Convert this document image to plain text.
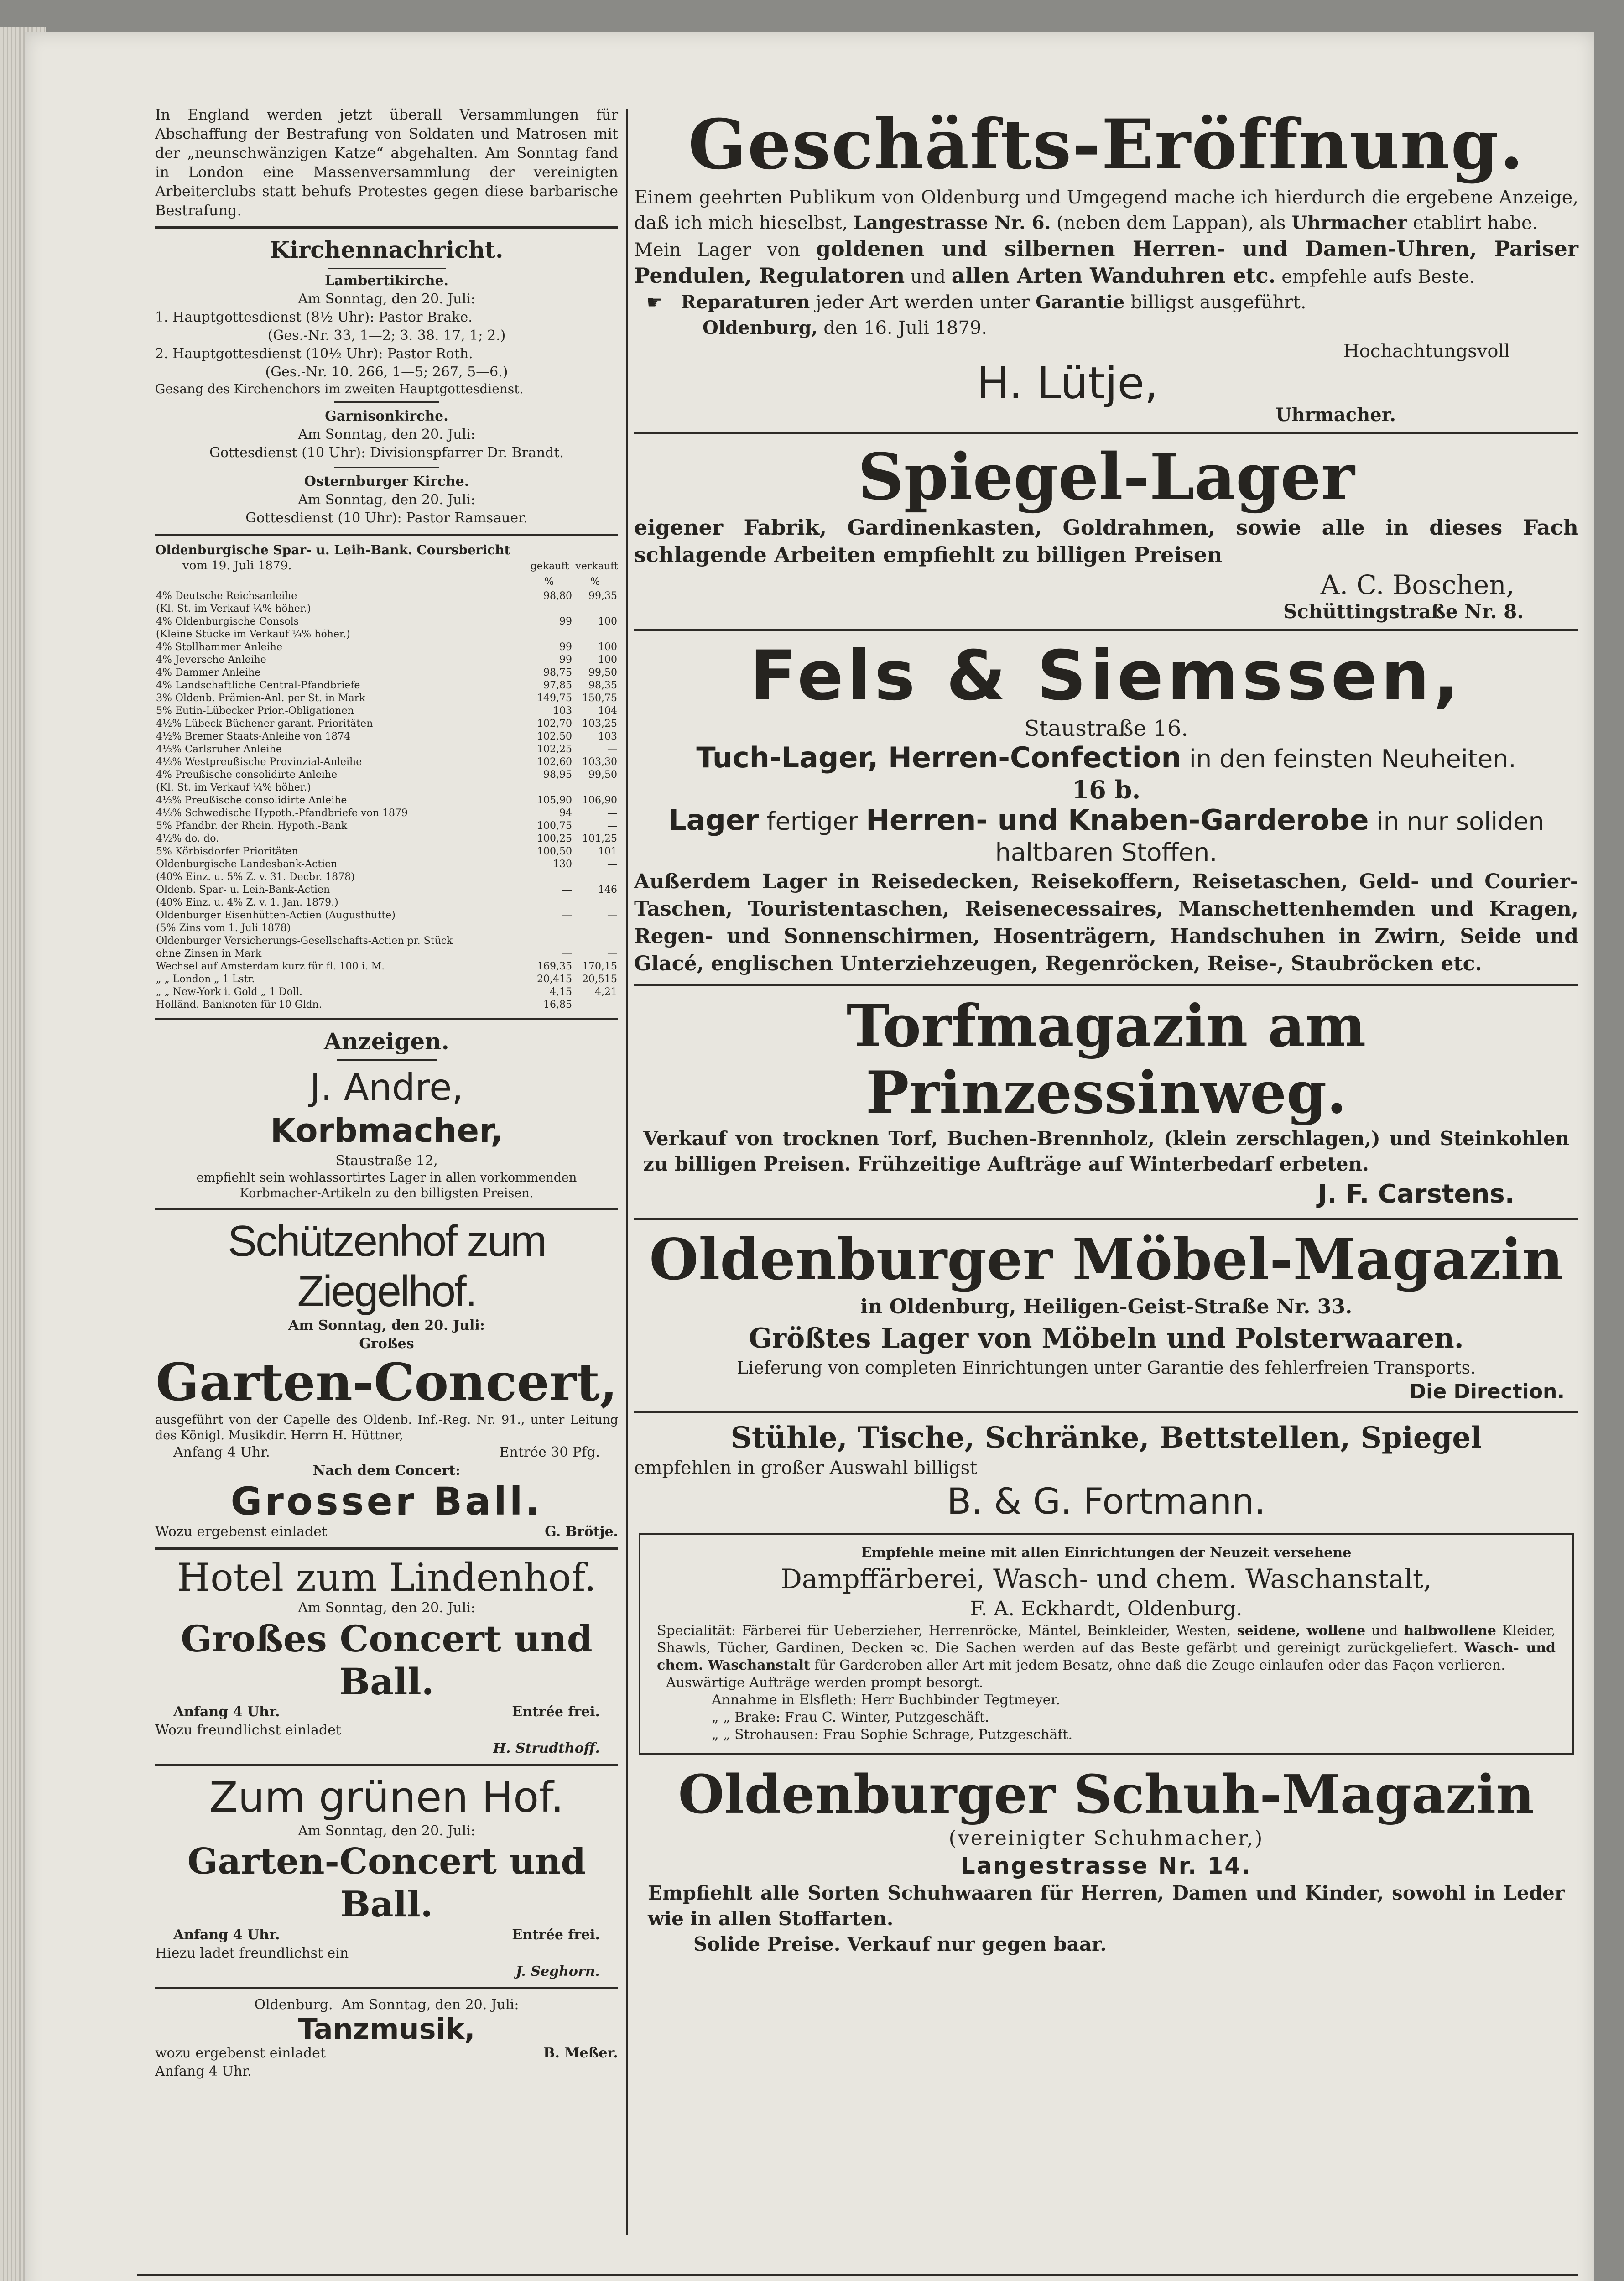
In England werden jetzt überall Versammlungen für Abschaffung der Bestrafung von Soldaten und Matrosen mit der „neunschwänzigen Katze“ abgehalten. Am Sonntag fand in London eine Massenversammlung der vereinigten Arbeiterclubs statt behufs Protestes gegen diese barbarische Bestrafung.

Kirchennachricht.

Lambertikirche.

Am Sonntag, den 20. Juli:

1. Hauptgottesdienst (8½ Uhr): Pastor Brake.

(Ges.-Nr. 33, 1—2; 3. 38. 17, 1; 2.)

2. Hauptgottesdienst (10½ Uhr): Pastor Roth.

(Ges.-Nr. 10. 266, 1—5; 267, 5—6.)

Gesang des Kirchenchors im zweiten Hauptgottesdienst.

Garnisonkirche.

Am Sonntag, den 20. Juli:

Gottesdienst (10 Uhr): Divisionspfarrer Dr. Brandt.

Osternburger Kirche.

Am Sonntag, den 20. Juli:

Gottesdienst (10 Uhr): Pastor Ramsauer.

Oldenburgische Spar- u. Leih-Bank. Coursbericht

vom 19. Juli 1879.	gekauft verkauft
%	%
4% Deutsche Reichsanleihe	98,80	99,35
(Kl. St. im Verkauf ¼% höher.)		
4% Oldenburgische Consols	99	100
(Kleine Stücke im Verkauf ¼% höher.)		
4% Stollhammer Anleihe	99	100
4% Jeversche Anleihe	99	100
4% Dammer Anleihe	98,75	99,50
4% Landschaftliche Central-Pfandbriefe	97,85	98,35
3% Oldenb. Prämien-Anl. per St. in Mark	149,75	150,75
5% Eutin-Lübecker Prior.-Obligationen	103	104
4½% Lübeck-Büchener garant. Prioritäten	102,70	103,25
4½% Bremer Staats-Anleihe von 1874	102,50	103
4½% Carlsruher Anleihe	102,25	—
4½% Westpreußische Provinzial-Anleihe	102,60	103,30
4% Preußische consolidirte Anleihe	98,95	99,50
(Kl. St. im Verkauf ¼% höher.)		
4½% Preußische consolidirte Anleihe	105,90	106,90
4½% Schwedische Hypoth.-Pfandbriefe von 1879	94	—
5% Pfandbr. der Rhein. Hypoth.-Bank	100,75	—
4½% do. do.	100,25	101,25
5% Körbisdorfer Prioritäten	100,50	101
Oldenburgische Landesbank-Actien	130	—
(40% Einz. u. 5% Z. v. 31. Decbr. 1878)		
Oldenb. Spar- u. Leih-Bank-Actien	—	146
(40% Einz. u. 4% Z. v. 1. Jan. 1879.)		
Oldenburger Eisenhütten-Actien (Augusthütte)	—	—
(5% Zins vom 1. Juli 1878)		
Oldenburger Versicherungs-Gesellschafts-Actien pr. Stück		
ohne Zinsen in Mark	—	—
Wechsel auf Amsterdam kurz für fl. 100 i. M.	169,35	170,15
„ „ London „ 1 Lstr.	20,415	20,515
„ „ New-York i. Gold „ 1 Doll.	4,15	4,21
Holländ. Banknoten für 10 Gldn.	16,85	—

Anzeigen.

J. Andre,

Korbmacher,

Staustraße 12,

empfiehlt sein wohlassortirtes Lager in allen vorkommenden Korbmacher-Artikeln zu den billigsten Preisen.

Schützenhof zum Ziegelhof.

Am Sonntag, den 20. Juli:

Großes

Garten-Concert,

ausgeführt von der Capelle des Oldenb. Inf.-Reg. Nr. 91., unter Leitung des Königl. Musikdir. Herrn H. Hüttner,

Anfang 4 Uhr.	Entrée 30 Pfg.

Nach dem Concert:

Grosser Ball.

Wozu ergebenst einladet	G. Brötje.

Hotel zum Lindenhof.

Am Sonntag, den 20. Juli:

Großes Concert und Ball.

Anfang 4 Uhr.	Entrée frei.

Wozu freundlichst einladet

H. Strudthoff.

Zum grünen Hof.

Am Sonntag, den 20. Juli:

Garten-Concert und Ball.

Anfang 4 Uhr.	Entrée frei.

Hiezu ladet freundlichst ein

J. Seghorn.

Oldenburg. Am Sonntag, den 20. Juli:

Tanzmusik,

wozu ergebenst einladet	B. Meßer.

Anfang 4 Uhr.

Geschäfts-Eröffnung.

Einem geehrten Publikum von Oldenburg und Umgegend mache ich hierdurch die ergebene Anzeige, daß ich mich hieselbst, Langestrasse Nr. 6. (neben dem Lappan), als Uhrmacher etablirt habe.

Mein Lager von goldenen und silbernen Herren- und Damen-Uhren, Pariser Pendulen, Regulatoren und allen Arten Wanduhren etc. empfehle aufs Beste.

☛ Reparaturen jeder Art werden unter Garantie billigst ausgeführt.

Oldenburg, den 16. Juli 1879.

Hochachtungsvoll

H. Lütje,

Uhrmacher.

Spiegel-Lager

eigener Fabrik, Gardinenkasten, Goldrahmen, sowie alle in dieses Fach schlagende Arbeiten empfiehlt zu billigen Preisen

A. C. Boschen,

Schüttingstraße Nr. 8.

Fels & Siemssen,

Staustraße 16.

Tuch-Lager, Herren-Confection in den feinsten Neuheiten.

16 b.

Lager fertiger Herren- und Knaben-Garderobe in nur soliden haltbaren Stoffen.

Außerdem Lager in Reisedecken, Reisekoffern, Reisetaschen, Geld- und Courier-Taschen, Touristentaschen, Reisenecessaires, Manschettenhemden und Kragen, Regen- und Sonnenschirmen, Hosenträgern, Handschuhen in Zwirn, Seide und Glacé, englischen Unterziehzeugen, Regenröcken, Reise-, Staubröcken etc.

Torfmagazin am Prinzessinweg.

Verkauf von trocknen Torf, Buchen-Brennholz, (klein zerschlagen,) und Steinkohlen zu billigen Preisen. Frühzeitige Aufträge auf Winterbedarf erbeten.

J. F. Carstens.

Oldenburger Möbel-Magazin

in Oldenburg, Heiligen-Geist-Straße Nr. 33.

Größtes Lager von Möbeln und Polsterwaaren.

Lieferung von completen Einrichtungen unter Garantie des fehlerfreien Transports.

Die Direction.

Stühle, Tische, Schränke, Bettstellen, Spiegel

empfehlen in großer Auswahl billigst

B. & G. Fortmann.

Empfehle meine mit allen Einrichtungen der Neuzeit versehene

Dampffärberei, Wasch- und chem. Waschanstalt,

F. A. Eckhardt, Oldenburg.

Specialität: Färberei für Ueberzieher, Herrenröcke, Mäntel, Beinkleider, Westen, seidene, wollene und halbwollene Kleider, Shawls, Tücher, Gardinen, Decken ꝛc. Die Sachen werden auf das Beste gefärbt und gereinigt zurückgeliefert. Wasch- und chem. Waschanstalt für Garderoben aller Art mit jedem Besatz, ohne daß die Zeuge einlaufen oder das Façon verlieren.

Auswärtige Aufträge werden prompt besorgt.

Annahme in Elsfleth: Herr Buchbinder Tegtmeyer.

„ „ Brake: Frau C. Winter, Putzgeschäft.

„ „ Strohausen: Frau Sophie Schrage, Putzgeschäft.

Oldenburger Schuh-Magazin

(vereinigter Schuhmacher,)

Langestrasse Nr. 14.

Empfiehlt alle Sorten Schuhwaaren für Herren, Damen und Kinder, sowohl in Leder wie in allen Stoffarten.

Solide Preise. Verkauf nur gegen baar.
